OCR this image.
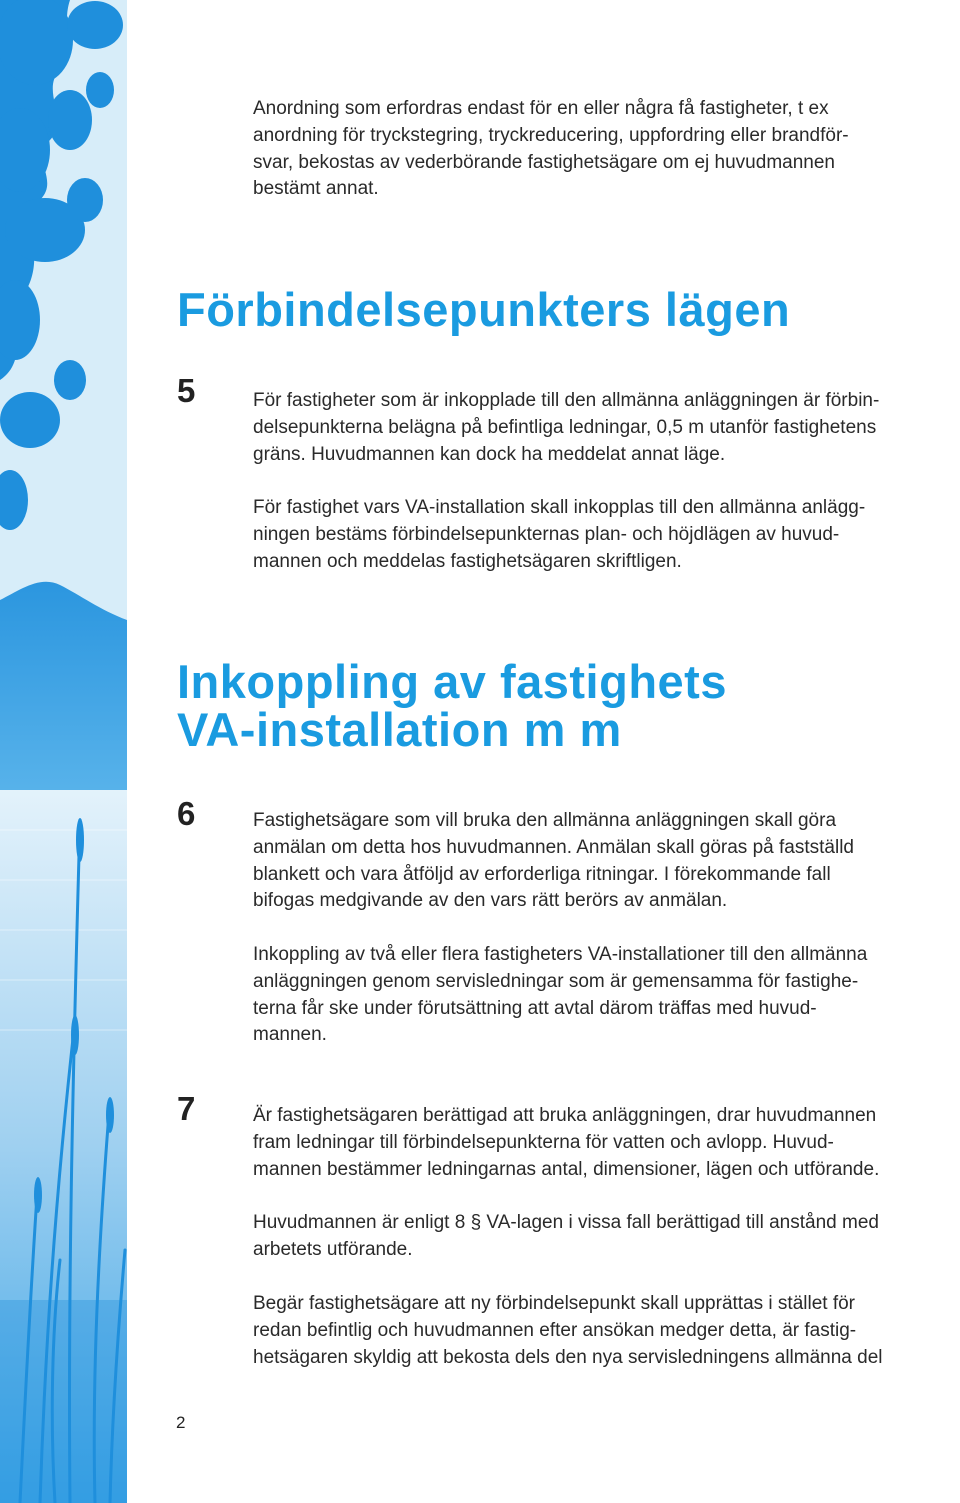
Anordning som erfordras endast för en eller några få fastigheter, t ex
anordning för tryckstegring, tryckreducering, uppfordring eller brandför-
svar, bekostas av vederbörande fastighetsägare om ej huvudmannen
bestämt annat.

Förbindelsepunkters lägen
5	För fastigheter som är inkopplade till den allmänna anläggningen är förbin-
delsepunkterna belägna på befintliga ledningar, 0,5 m utanför fastighetens
gräns. Huvudmannen kan dock ha meddelat annat läge.

För fastighet vars VA-installation skall inkopplas till den allmänna anlägg-
ningen bestäms förbindelsepunkternas plan- och höjdlägen av huvud-
mannen och meddelas fastighetsägaren skriftligen.

Inkoppling av fastighets
VA-installation m m
6	Fastighetsägare som vill bruka den allmänna anläggningen skall göra
anmälan om detta hos huvudmannen. Anmälan skall göras på fastställd
blankett och vara åtföljd av erforderliga ritningar. I förekommande fall
bifogas medgivande av den vars rätt berörs av anmälan.

Inkoppling av två eller flera fastigheters VA-installationer till den allmänna
anläggningen genom servisledningar som är gemensamma för fastighe-
terna får ske under förutsättning att avtal därom träffas med huvud-
mannen.

7	Är fastighetsägaren berättigad att bruka anläggningen, drar huvudmannen
fram ledningar till förbindelsepunkterna för vatten och avlopp. Huvud-
mannen bestämmer ledningarnas antal, dimensioner, lägen och utförande.

Huvudmannen är enligt 8 § VA-lagen i vissa fall berättigad till anstånd med
arbetets utförande.

Begär fastighetsägare att ny förbindelsepunkt skall upprättas i stället för
redan befintlig och huvudmannen efter ansökan medger detta, är fastig-
hetsägaren skyldig att bekosta dels den nya servisledningens allmänna del

2
